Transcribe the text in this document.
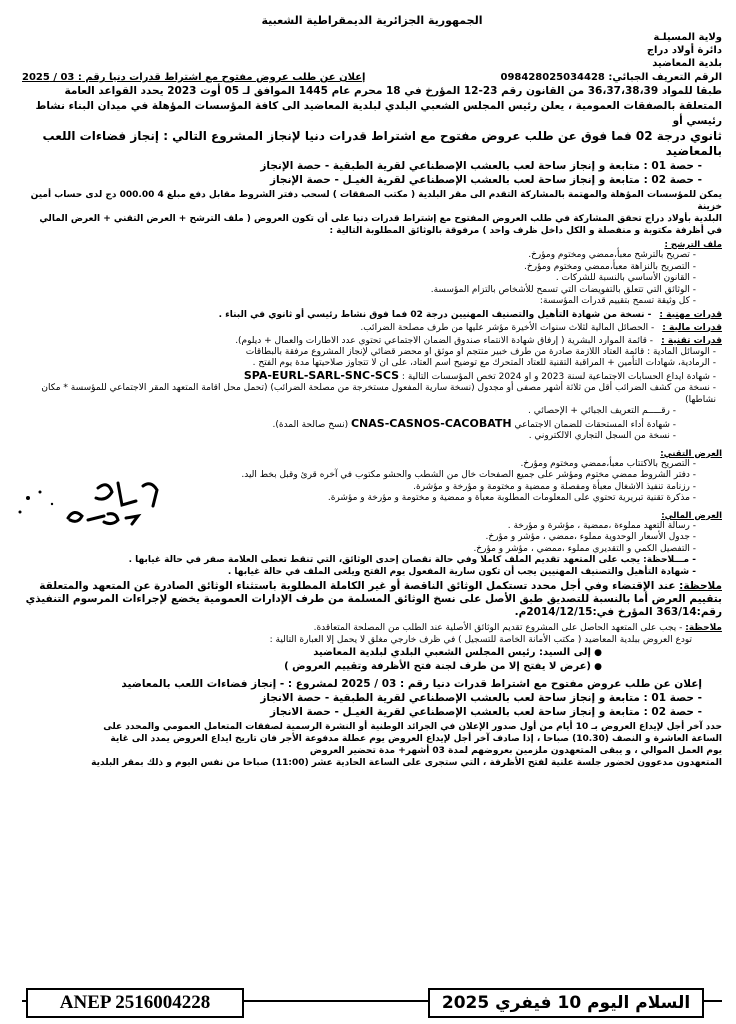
الجمهورية الجزائرية الديمقراطية الشعبية

ولاية المسيلـة

دائرة أولاد دراج

بلدية المعاضيد

الرقم التعريف الجبائي: 098428025034428
إعلان عن طلب عروض مفتوح مع اشتراط قدرات دنيا رقم : 03 / 2025

طبقا للمواد 36،37،38،39 من القانون رقم 23-12 المؤرخ في 18 محرم عام 1445 الموافق لـ 05 أوت 2023 يحدد القواعد العامة

المتعلقة بالصفقات العمومية ، يعلن رئيس المجلس الشعبي البلدي لبلدية المعاضيد الى كافة المؤسسات المؤهلة في ميدان البناء نشاط رئيسي أو

ثانوي درجة 02 فما فوق عن طلب عروض مفتوح مع اشتراط قدرات دنيا لإنجاز المشروع التالي : إنجاز فضاءات اللعب بالمعاضيد

- حصة 01 : متابعة و إنجاز ساحة لعب بالعشب الإصطناعي لقرية الطبقية - حصة الإنجاز

- حصة 02 : متابعة و إنجاز ساحة لعب بالعشب الإصطناعي لقرية الغيـل - حصة الإنجاز

يمكن للمؤسسات المؤهلة والمهتمة بالمشاركة التقدم الى مقر البلدية ( مكتب الصفقات ) لسحب دفتر الشروط مقابل دفع مبلغ 4 000.00 دج لدى حساب أمين خزينة

البلدية بأولاد دراج تحقق المشاركة في طلب العروض المفتوح مع إشتراط قدرات دنيا على أن تكون العروض ( ملف الترشح + العرض التقني + العرض المالي

في أظرفة مكتوبة و منفصلة و الكل داخل ظرف واحد ) مرفوقة بالوثائق المطلوبة التالية :

ملف الترشح :

- تصريح بالترشح معبأ،ممضي ومختوم ومؤرخ.
- التصريح بالنزاهة معبأ،ممضي ومختوم ومؤرخ.
- القانون الأساسي بالنسبة للشركات .
- الوثائق التي تتعلق بالتفويضات التي تسمح للأشخاص بالتزام المؤسسة.
- كل وثيقة تسمح بتقييم قدرات المؤسسة:
قدرات مهنية :
- نسخة من شهادة التأهيل والتصنيف المهنيين درجة 02 فما فوق نشاط رئيسي أو ثانوي في البناء .
قدرات مالية :
- الحصائل المالية لثلاث سنوات الأخيرة مؤشر عليها من طرف مصلحة الضرائب.
قدرات تقنية :
- قائمة الموارد البشرية ( إرفاق شهادة الانتماء صندوق الضمان الاجتماعي تحتوي عدد الاطارات والعمال + ديلوم).
- الوسائل المادية : قائمة العتاد اللازمة صادرة من طرف خبير منتجم او موثق او محضر قضائي لإنجاز المشروع مرفقة بالبطاقات
- الرمادية، شهادات التأمين + المراقبة التقنية للعتاد المتحرك مع توضيح اسم العتاد، على ان لا تتجاوز صلاحيتها مدة يوم الفتح .
- شهادة ايداع الحسابات الاجتماعية لسنة 2023 و او 2024 تخص المؤسسات التالية : SPA-EURL-SARL-SNC-SCS
- نسخة من كشف الضرائب أقل من ثلاثة أشهر مصفى أو مجدول (نسخة سارية المفعول مستخرجة من مصلحة الضرائب) (تحمل محل اقامة المتعهد المقر الاجتماعي للمؤسسة * مكان نشاطها)
- رقـــــم التعريف الجبائي + الإحصائي .
- شهادة أداء المستحقات للضمان الاجتماعي CNAS-CASNOS-CACOBATH (نسخ صالحة المدة).
- نسخة من السجل التجاري الالكتروني .

العرض التقني:

- التصريح بالاكتتاب معبأ،ممضي ومختوم ومؤرخ.
- دفتر الشروط ممضي مختوم ومؤشر على جميع الصفحات خال من الشطب والحشو مكتوب في آخره قرئ وقبل بخط اليد.
- رزنامة تنفيذ الاشغال معبأة ومفصلة و ممضية و مختومة و مؤرخة و مؤشرة.
- مذكرة تقنية تبريرية تحتوي على المعلومات المطلوبة معبأة و ممضية و مختومة و مؤرخة و مؤشرة.

العرض المالي:

- رسالة التعهد مملوءة ،ممضية ، مؤشرة و مؤرخة .
- جدول الأسعار الوحدوية مملوء ،ممضي ، مؤشر و مؤرخ.
- التفصيل الكمي و التقديري مملوء ،ممضي ، مؤشر و مؤرخ.
- مـــلاحظة: يجب على المتعهد تقديم الملف كاملا وفي حالة نقصان إحدى الوثائق، التي تنقط تعطى العلامة صفر في حالة غيابها .
- شهادة التأهيل والتصنيف المهنيين يجب أن تكون سارية المفعول يوم الفتح ويلغى الملف في حالة غيابها .
ملاحظة: عند الإقتضاء وفي أجل محدد تستكمل الوثائق الناقصة أو غير الكاملة المطلوبة باستثناء الوثائق الصادرة عن المتعهد والمتعلقة بتقييم العرض أما بالنسبة للتصديق طبق الأصل على نسخ الوثائق المسلمة من طرف الإدارات العمومية يخضع لإجراءات المرسوم التنفيذي رقم:363/14 المؤرخ في:2014/12/15م.

ملاحظة: - يجب على المتعهد الحاصل على المشروع تقديم الوثائق الأصلية عند الطلب من المصلحة المتعاقدة.

تودع العروض ببلدية المعاضيد ( مكتب الأمانة الخاصة للتسجيل ) في ظرف خارجي مغلق لا يحمل إلا العبارة التالية :

● إلى السيد: رئيس المجلس الشعبي البلدي لبلدية المعاضيد

● (عرض لا يفتح إلا من طرف لجنة فتح الأظرفة وتقييم العروض )

إعلان عن طلب عروض مفتوح مع اشتراط قدرات دنيا رقم : 03 / 2025 لمشروع : - إنجاز فضاءات اللعب بالمعاضيد

- حصة 01 : متابعة و إنجاز ساحة لعب بالعشب الإصطناعي لقرية الطبقية - حصة الانجاز

- حصة 02 : متابعة و إنجاز ساحة لعب بالعشب الإصطناعي لقرية الغيـل - حصة الانجاز

حدد آخر أجل لإيداع العروض بـ 10 أيام من أول صدور الإعلان في الجرائد الوطنية أو النشرة الرسمية لصفقات المتعامل العمومي والمحدد على

الساعة العاشرة و النصف (10.30) صباحا ، إذا صادف آخر أجل لإيداع العروض يوم عطلة مدفوعة الأجر فان تاريخ ايداع العروض يمدد الى غاية

يوم العمل الموالي ، و يبقى المتعهدون ملزمين بعروضهم لمدة 03 أشهر+ مدة تحضير العروض

المتعهدون مدعوون لحضور جلسة علنية لفتح الأظرفة ، التي ستجرى على الساعة الحادية عشر (11:00) صباحا من نفس اليوم و ذلك بمقر البلدية

ANEP 2516004228	السلام اليوم 10 فيفري 2025
